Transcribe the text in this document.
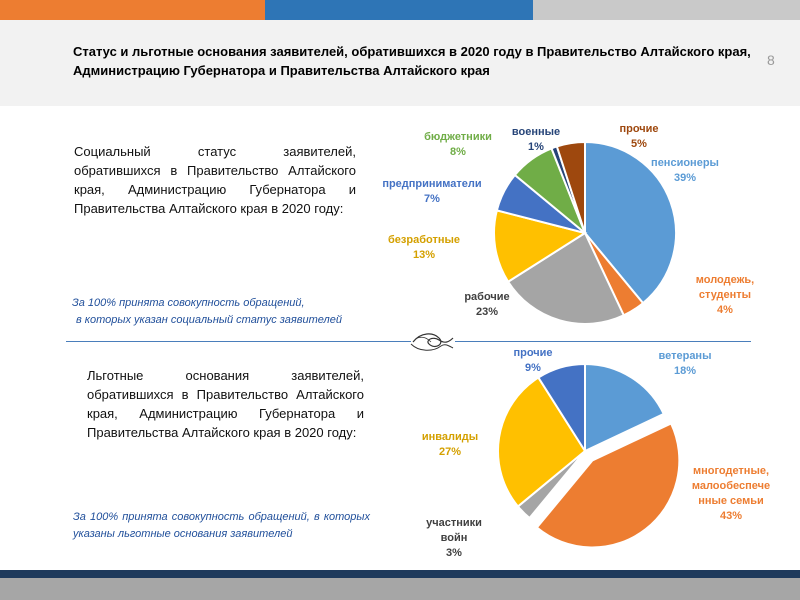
Статус и льготные основания заявителей, обратившихся в 2020 году в Правительство Алтайского края,
Администрацию Губернатора и Правительства Алтайского края
8
Социальный статус заявителей, обратившихся в Правительство Алтайского края, Администрацию Губернатора и Правительства Алтайского края в 2020 году:
За 100% принята совокупность обращений,
в которых указан социальный статус заявителей
Льготные основания заявителей, обратившихся в Правительство Алтайского края, Администрацию Губернатора и Правительства Алтайского края в 2020 году:
За 100% принята совокупность обращений, в которых указаны льготные основания заявителей
пенсионеры 39%
молодежь, студенты 4%
рабочие 23%
безработные 13%
предприниматели 7%
бюджетники 8%
военные 1%
прочие 5%
ветераны 18%
многодетные, малообеспече нные семьи 43%
участники войн 3%
инвалиды 27%
прочие 9%
